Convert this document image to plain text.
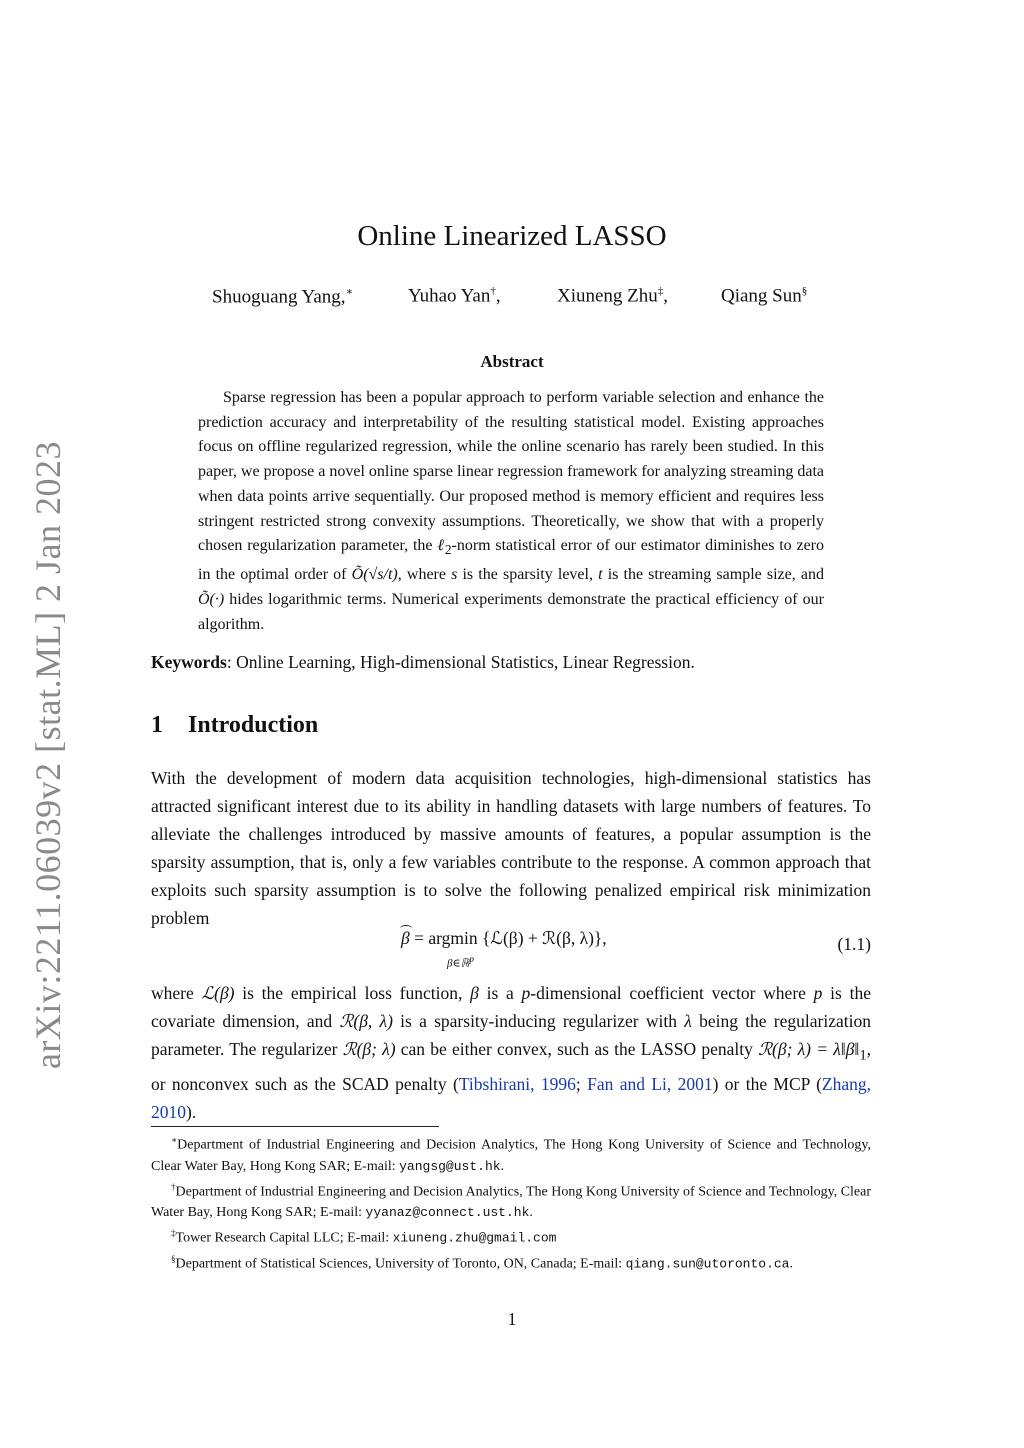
arXiv:2211.06039v2 [stat.ML] 2 Jan 2023
Online Linearized LASSO
Shuoguang Yang,∗	Yuhao Yan†,	Xiuneng Zhu‡,	Qiang Sun§
Abstract

Sparse regression has been a popular approach to perform variable selection and enhance the prediction accuracy and interpretability of the resulting statistical model. Existing approaches focus on offline regularized regression, while the online scenario has rarely been studied. In this paper, we propose a novel online sparse linear regression framework for analyzing streaming data when data points arrive sequentially. Our proposed method is memory efficient and requires less stringent restricted strong convexity assumptions. Theoretically, we show that with a properly chosen regularization parameter, the ℓ$_2$-norm statistical error of our estimator diminishes to zero in the optimal order of Õ(√s/t), where s is the sparsity level, t is the streaming sample size, and Õ(·) hides logarithmic terms. Numerical experiments demonstrate the practical efficiency of our algorithm.

Keywords: Online Learning, High-dimensional Statistics, Linear Regression.

1 Introduction

With the development of modern data acquisition technologies, high-dimensional statistics has attracted significant interest due to its ability in handling datasets with large numbers of features. To alleviate the challenges introduced by massive amounts of features, a popular assumption is the sparsity assumption, that is, only a few variables contribute to the response. A common approach that exploits such sparsity assumption is to solve the following penalized empirical risk minimization problem

β = argmin {ℒ(β) + ℛ(β, λ)},
β∈ℝ$^p$
(1.1)

where ℒ(β) is the empirical loss function, β is a p-dimensional coefficient vector where p is the covariate dimension, and ℛ(β, λ) is a sparsity-inducing regularizer with λ being the regularization parameter. The regularizer ℛ(β; λ) can be either convex, such as the LASSO penalty ℛ(β; $\lambda) = \lambda‖\beta‖_1$, or nonconvex such as the SCAD penalty (Tibshirani, 1996; Fan and Li, 2001) or the MCP (Zhang, 2010).

∗Department of Industrial Engineering and Decision Analytics, The Hong Kong University of Science and Technology, Clear Water Bay, Hong Kong SAR; E-mail: yangsg@ust.hk.

†Department of Industrial Engineering and Decision Analytics, The Hong Kong University of Science and Technology, Clear Water Bay, Hong Kong SAR; E-mail: yyanaz@connect.ust.hk.

‡Tower Research Capital LLC; E-mail: xiuneng.zhu@gmail.com

§Department of Statistical Sciences, University of Toronto, ON, Canada; E-mail: qiang.sun@utoronto.ca.

1
